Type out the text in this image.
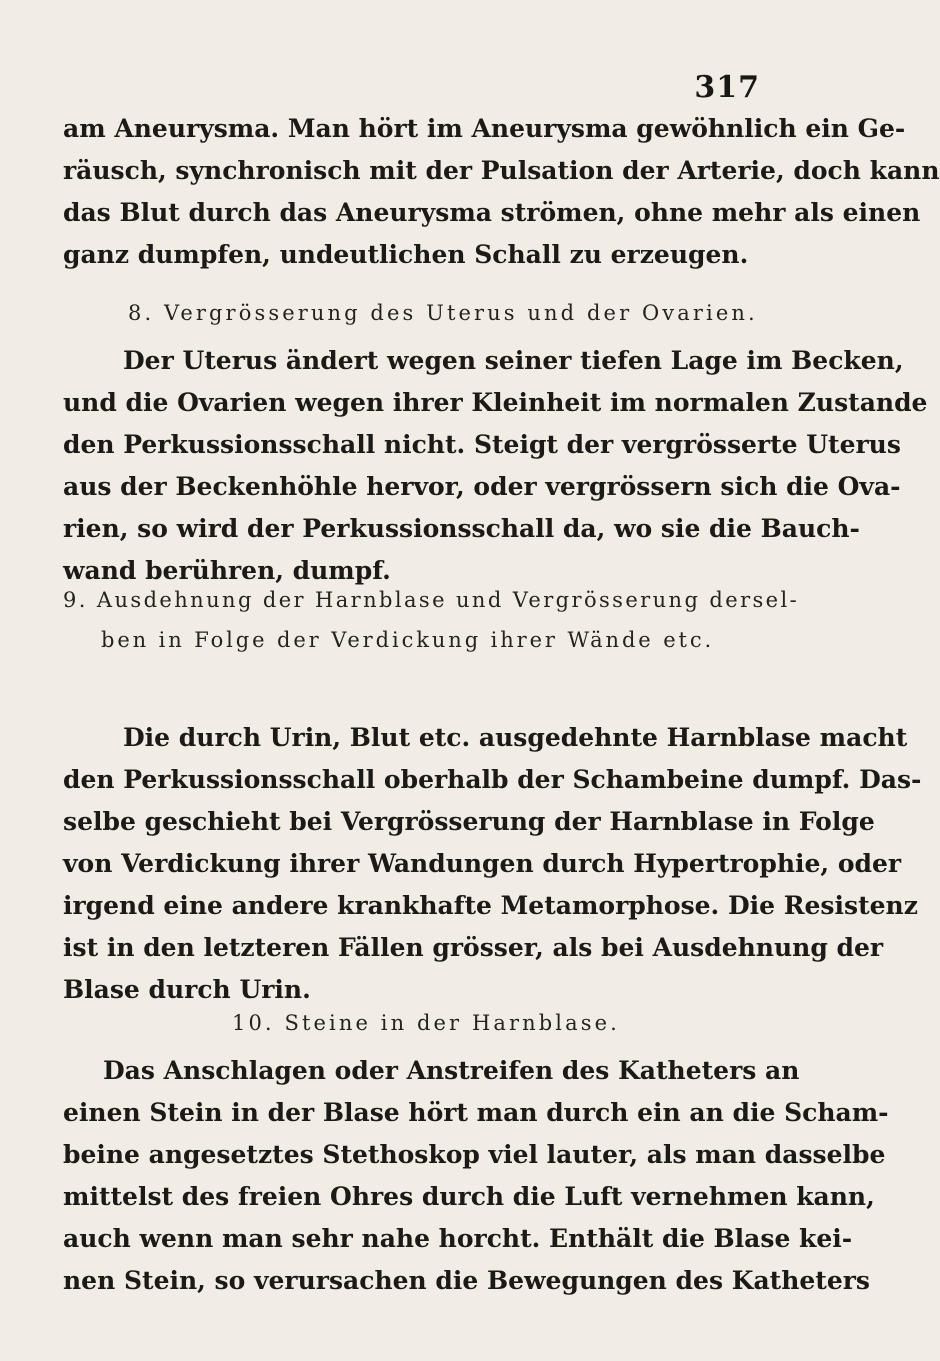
317
am Aneurysma. Man hört im Aneurysma gewöhnlich ein Ge-
räusch, synchronisch mit der Pulsation der Arterie, doch kann
das Blut durch das Aneurysma strömen, ohne mehr als einen
ganz dumpfen, undeutlichen Schall zu erzeugen.
8. Vergrösserung des Uterus und der Ovarien.
Der Uterus ändert wegen seiner tiefen Lage im Becken,
und die Ovarien wegen ihrer Kleinheit im normalen Zustande
den Perkussionsschall nicht. Steigt der vergrösserte Uterus
aus der Beckenhöhle hervor, oder vergrössern sich die Ova-
rien, so wird der Perkussionsschall da, wo sie die Bauch-
wand berühren, dumpf.
9. Ausdehnung der Harnblase und Vergrösserung dersel-
ben in Folge der Verdickung ihrer Wände etc.
Die durch Urin, Blut etc. ausgedehnte Harnblase macht
den Perkussionsschall oberhalb der Schambeine dumpf. Das-
selbe geschieht bei Vergrösserung der Harnblase in Folge
von Verdickung ihrer Wandungen durch Hypertrophie, oder
irgend eine andere krankhafte Metamorphose. Die Resistenz
ist in den letzteren Fällen grösser, als bei Ausdehnung der
Blase durch Urin.
10. Steine in der Harnblase.
Das Anschlagen oder Anstreifen des Katheters an
einen Stein in der Blase hört man durch ein an die Scham-
beine angesetztes Stethoskop viel lauter, als man dasselbe
mittelst des freien Ohres durch die Luft vernehmen kann,
auch wenn man sehr nahe horcht. Enthält die Blase kei-
nen Stein, so verursachen die Bewegungen des Katheters
